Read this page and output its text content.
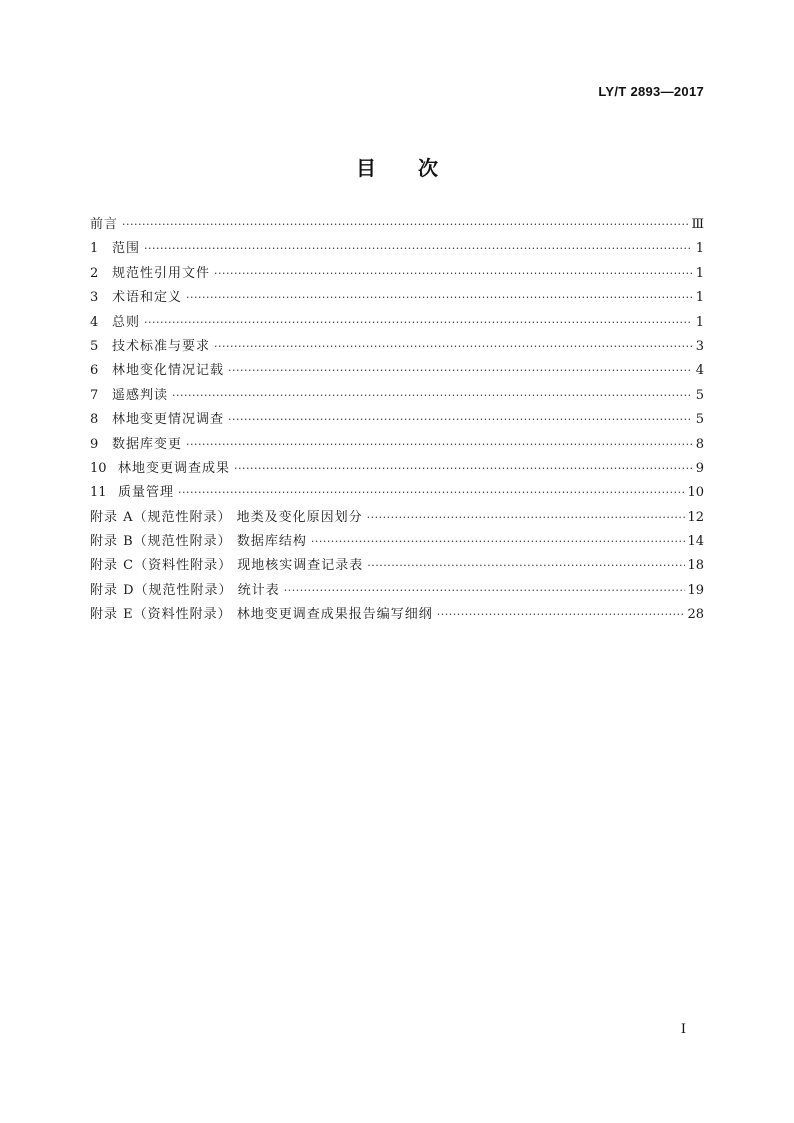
LY/T 2893—2017
目次
前言 ·····	Ⅲ
1 范围 ·····	1
2 规范性引用文件 ·····	1
3 术语和定义 ·····	1
4 总则 ·····	1
5 技术标准与要求 ·····	3
6 林地变化情况记载 ·····	4
7 遥感判读 ·····	5
8 林地变更情况调查 ·····	5
9 数据库变更 ·····	8
10 林地变更调查成果 ·····	9
11 质量管理 ·····	10
附录 A（规范性附录） 地类及变化原因划分 ·····	12
附录 B（规范性附录） 数据库结构 ·····	14
附录 C（资料性附录） 现地核实调查记录表 ·····	18
附录 D（规范性附录） 统计表 ·····	19
附录 E（资料性附录） 林地变更调查成果报告编写细纲 ·····	28
Ⅰ
